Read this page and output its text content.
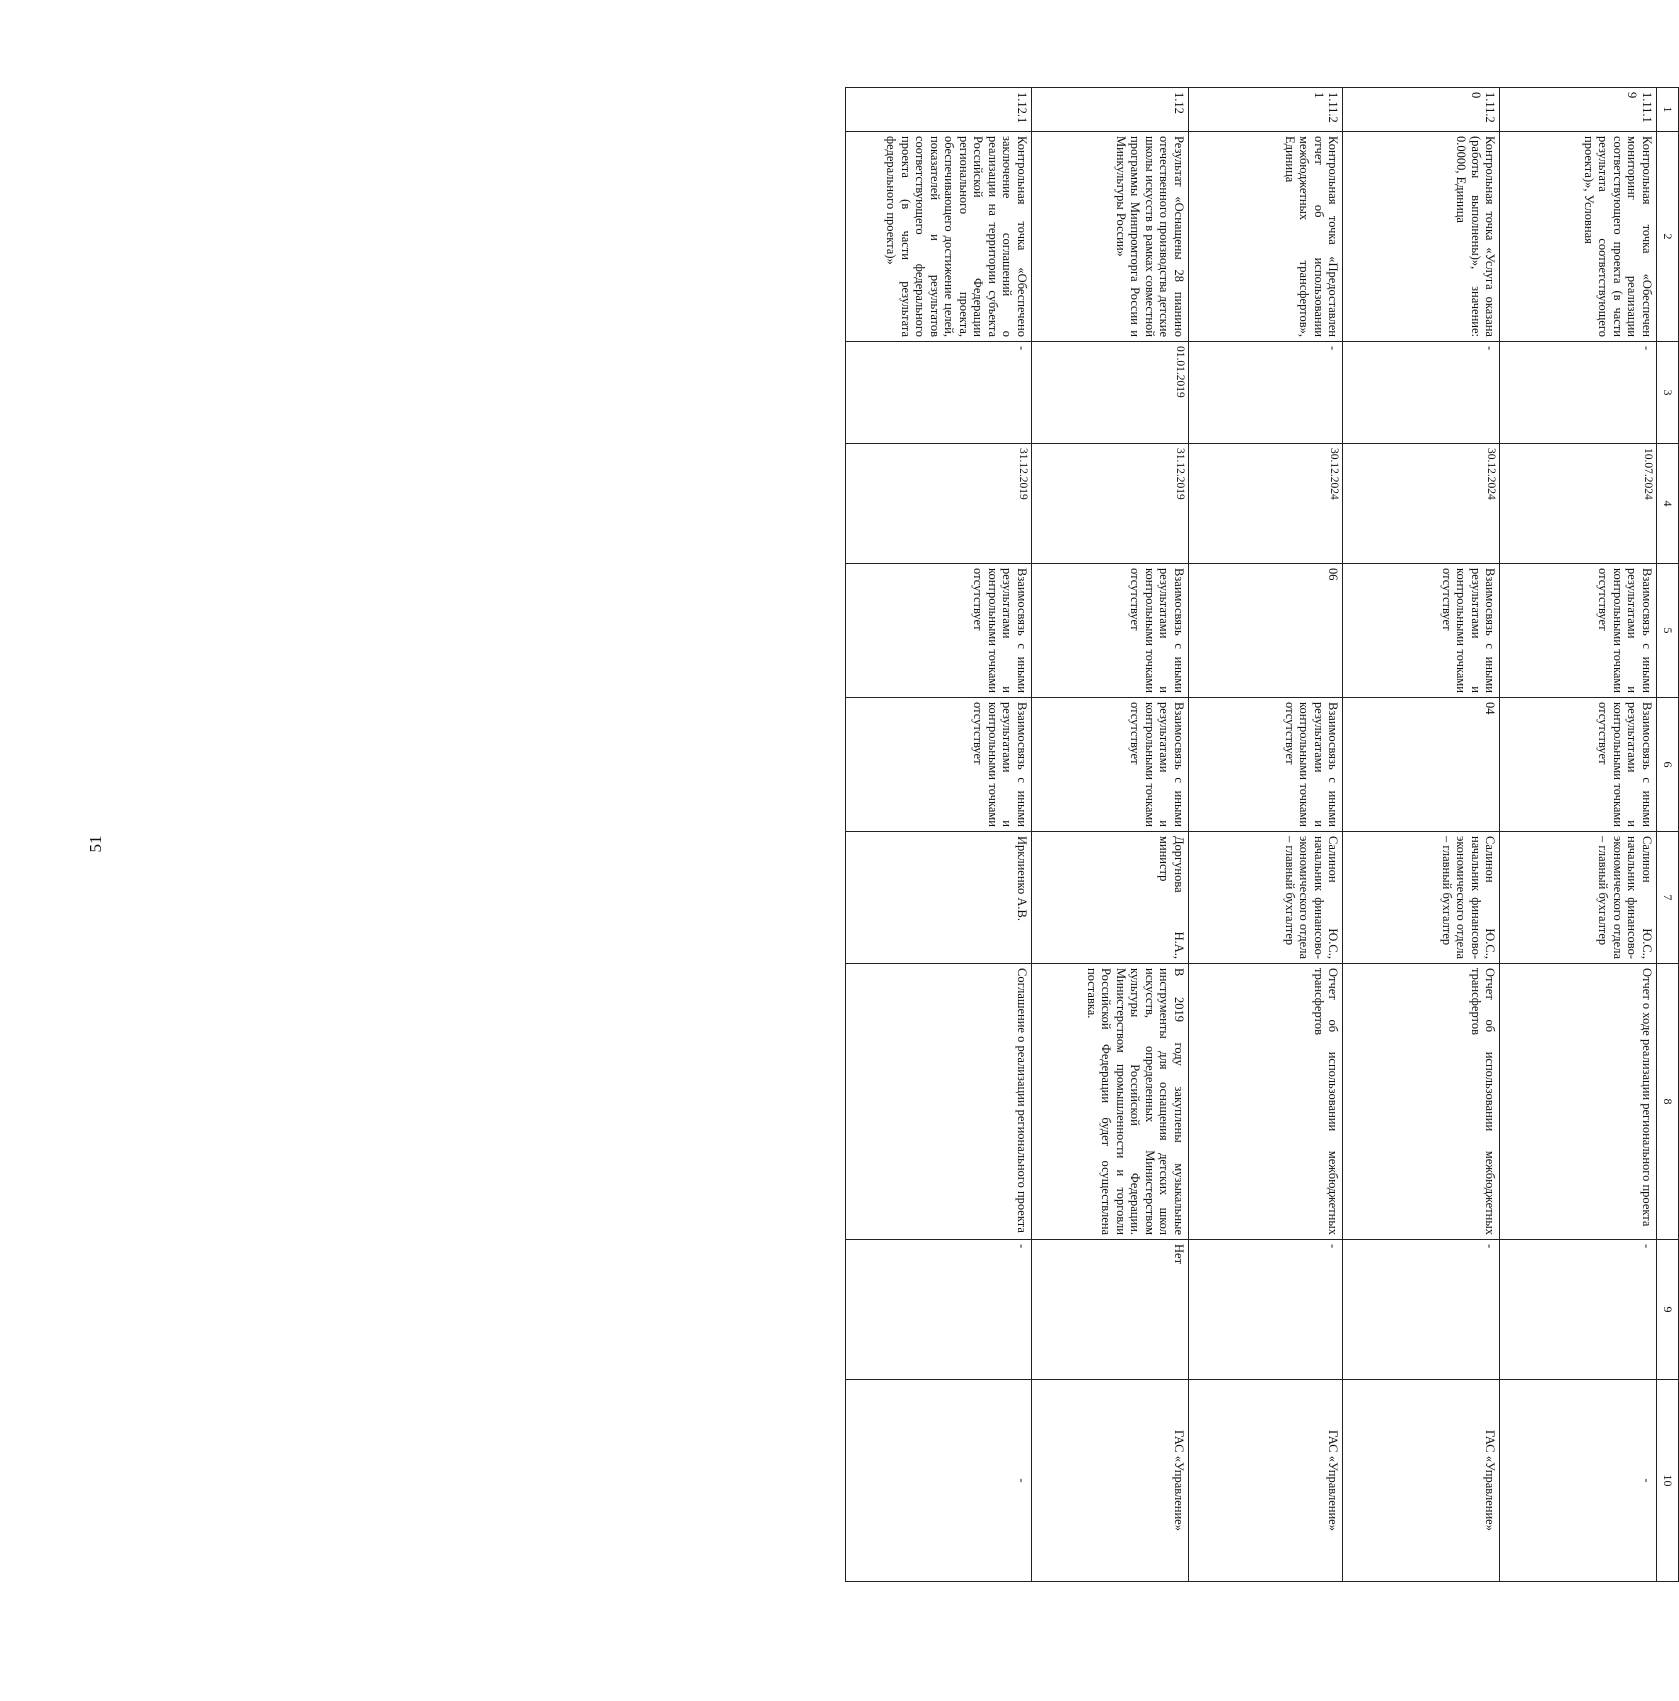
51
1	2	3	4	5	6	7	8	9	10
1.11.19	Контрольная точка «Обеспечен мониторинг реализации соответствующего проекта (в части результата соответствующего проекта)», Условная	-	10.07.2024	Взаимосвязь с иными результатами и контрольными точками отсутствует	Взаимосвязь с иными результатами и контрольными точками отсутствует	Салинон Ю.С., начальник финансово-экономического отдела – главный бухгалтер	Отчет о ходе реализации регионального проекта	-	-
1.11.20	Контрольная точка «Услуга оказана (работы выполнены)», значение: 0.0000, Единица	-	30.12.2024	Взаимосвязь с иными результатами и контрольными точками отсутствует	04	Салинон Ю.С., начальник финансово-экономического отдела – главный бухгалтер	Отчет об использовании межбюджетных трансфертов	-	ГАС «Управление»
1.11.21	Контрольная точка «Предоставлен отчет об использовании межбюджетных трансфертов», Единица	-	30.12.2024	06	Взаимосвязь с иными результатами и контрольными точками отсутствует	Салинон Ю.С., начальник финансово-экономического отдела – главный бухгалтер	Отчет об использовании межбюджетных трансфертов	-	ГАС «Управление»
1.12	Результат «Оснащены 28 пианино отечественного производства детские школы искусств в рамках совместной программы Минпромторга России и Минкультуры России»	01.01.2019	31.12.2019	Взаимосвязь с иными результатами и контрольными точками отсутствует	Взаимосвязь с иными результатами и контрольными точками отсутствует	Доргунова Н.А., министр	В 2019 году закуплены музыкальные инструменты для оснащения детских школ искусств, определенных Министерством культуры Российской Федерации. Министерством промышленности и торговли Российской Федерации будет осуществлена поставка.	Нет	ГАС «Управление»
1.12.1	Контрольная точка «Обеспечено заключение соглашений о реализации на территории субъекта Российской Федерации регионального проекта, обеспечивающего достижение целей, показателей и результатов соответствующего федерального проекта (в части результата федерального проекта)»	-	31.12.2019	Взаимосвязь с иными результатами и контрольными точками отсутствует	Взаимосвязь с иными результатами и контрольными точками отсутствует	Ирклиенко А.В.	Соглашение о реализации регионального проекта	-	-
